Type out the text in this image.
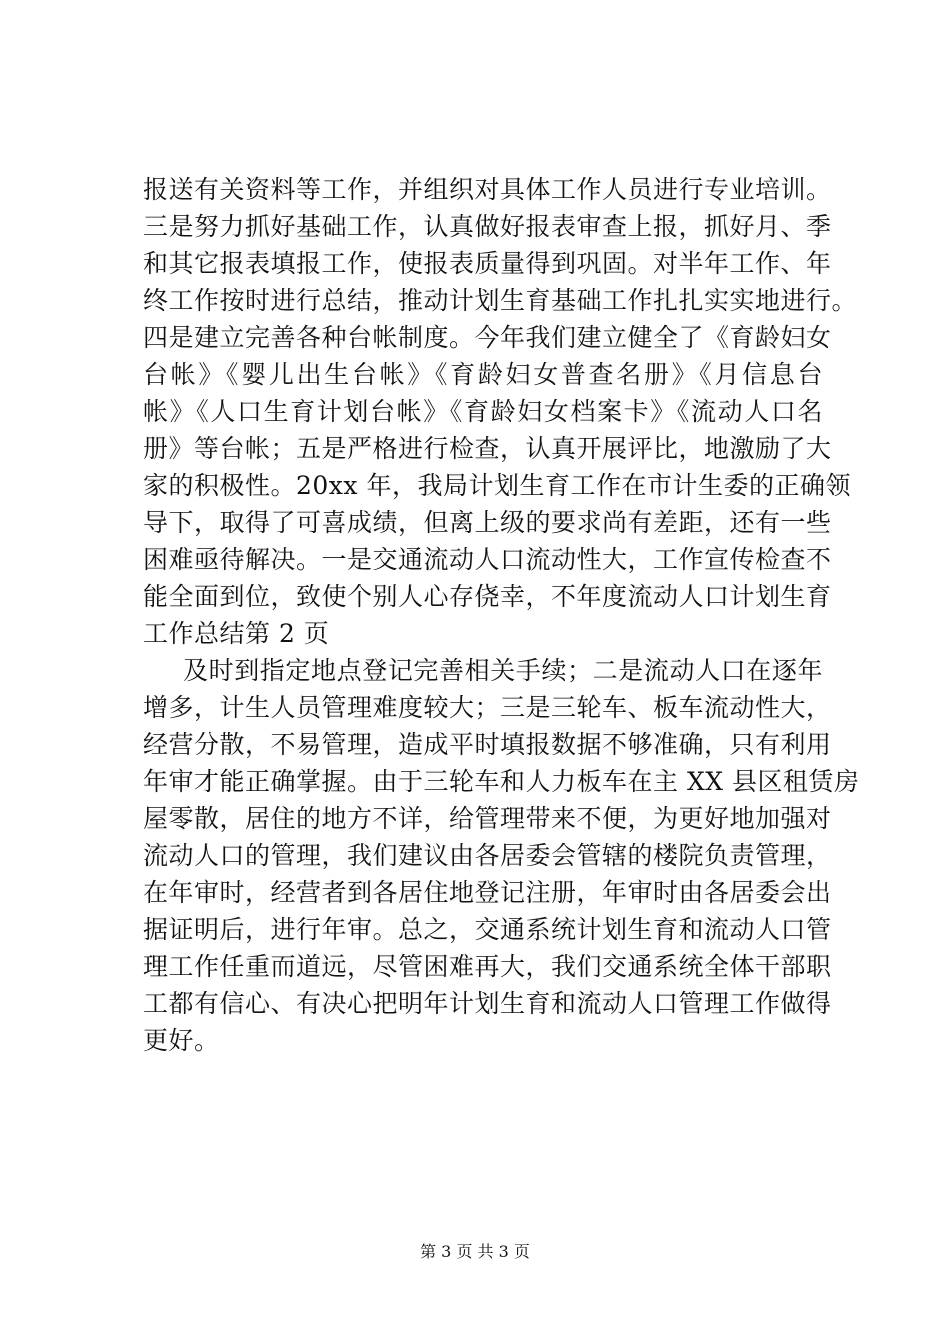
报送有关资料等工作，并组织对具体工作人员进行专业培训。
三是努力抓好基础工作，认真做好报表审查上报，抓好月、季
和其它报表填报工作，使报表质量得到巩固。对半年工作、年
终工作按时进行总结，推动计划生育基础工作扎扎实实地进行。
四是建立完善各种台帐制度。今年我们建立健全了《育龄妇女
台帐》《婴儿出生台帐》《育龄妇女普查名册》《月信息台
帐》《人口生育计划台帐》《育龄妇女档案卡》《流动人口名
册》等台帐；五是严格进行检查，认真开展评比，地激励了大
家的积极性。20xx 年，我局计划生育工作在市计生委的正确领
导下，取得了可喜成绩，但离上级的要求尚有差距，还有一些
困难亟待解决。一是交通流动人口流动性大，工作宣传检查不
能全面到位，致使个别人心存侥幸，不年度流动人口计划生育
工作总结第 2 页
及时到指定地点登记完善相关手续；二是流动人口在逐年
增多，计生人员管理难度较大；三是三轮车、板车流动性大，
经营分散，不易管理，造成平时填报数据不够准确，只有利用
年审才能正确掌握。由于三轮车和人力板车在主 XX 县区租赁房
屋零散，居住的地方不详，给管理带来不便，为更好地加强对
流动人口的管理，我们建议由各居委会管辖的楼院负责管理，
在年审时，经营者到各居住地登记注册，年审时由各居委会出
据证明后，进行年审。总之，交通系统计划生育和流动人口管
理工作任重而道远，尽管困难再大，我们交通系统全体干部职
工都有信心、有决心把明年计划生育和流动人口管理工作做得
更好。
第 3 页 共 3 页
